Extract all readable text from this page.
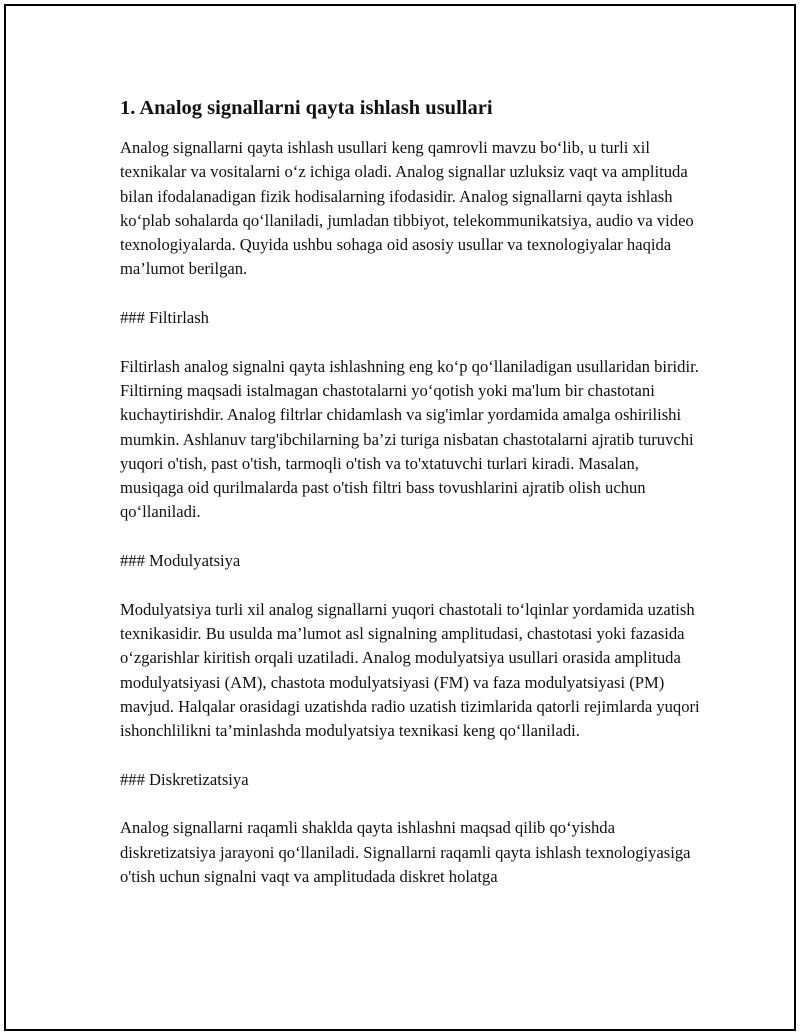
1. Analog signallarni qayta ishlash usullari

Analog signallarni qayta ishlash usullari keng qamrovli mavzu bo‘lib, u turli xil texnikalar va vositalarni o‘z ichiga oladi. Analog signallar uzluksiz vaqt va amplituda bilan ifodalanadigan fizik hodisalarning ifodasidir. Analog signallarni qayta ishlash ko‘plab sohalarda qo‘llaniladi, jumladan tibbiyot, telekommunikatsiya, audio va video texnologiyalarda. Quyida ushbu sohaga oid asosiy usullar va texnologiyalar haqida ma’lumot berilgan.

### Filtirlash

Filtirlash analog signalni qayta ishlashning eng ko‘p qo‘llaniladigan usullaridan biridir. Filtirning maqsadi istalmagan chastotalarni yo‘qotish yoki ma'lum bir chastotani kuchaytirishdir. Analog filtrlar chidamlash va sig'imlar yordamida amalga oshirilishi mumkin. Ashlanuv targ'ibchilarning ba’zi turiga nisbatan chastotalarni ajratib turuvchi yuqori o'tish, past o'tish, tarmoqli o'tish va to'xtatuvchi turlari kiradi. Masalan, musiqaga oid qurilmalarda past o'tish filtri bass tovushlarini ajratib olish uchun qo‘llaniladi.

### Modulyatsiya

Modulyatsiya turli xil analog signallarni yuqori chastotali to‘lqinlar yordamida uzatish texnikasidir. Bu usulda ma’lumot asl signalning amplitudasi, chastotasi yoki fazasida o‘zgarishlar kiritish orqali uzatiladi. Analog modulyatsiya usullari orasida amplituda modulyatsiyasi (AM), chastota modulyatsiyasi (FM) va faza modulyatsiyasi (PM) mavjud. Halqalar orasidagi uzatishda radio uzatish tizimlarida qatorli rejimlarda yuqori ishonchlilikni ta’minlashda modulyatsiya texnikasi keng qo‘llaniladi.

### Diskretizatsiya

Analog signallarni raqamli shaklda qayta ishlashni maqsad qilib qo‘yishda diskretizatsiya jarayoni qo‘llaniladi. Signallarni raqamli qayta ishlash texnologiyasiga o'tish uchun signalni vaqt va amplitudada diskret holatga
